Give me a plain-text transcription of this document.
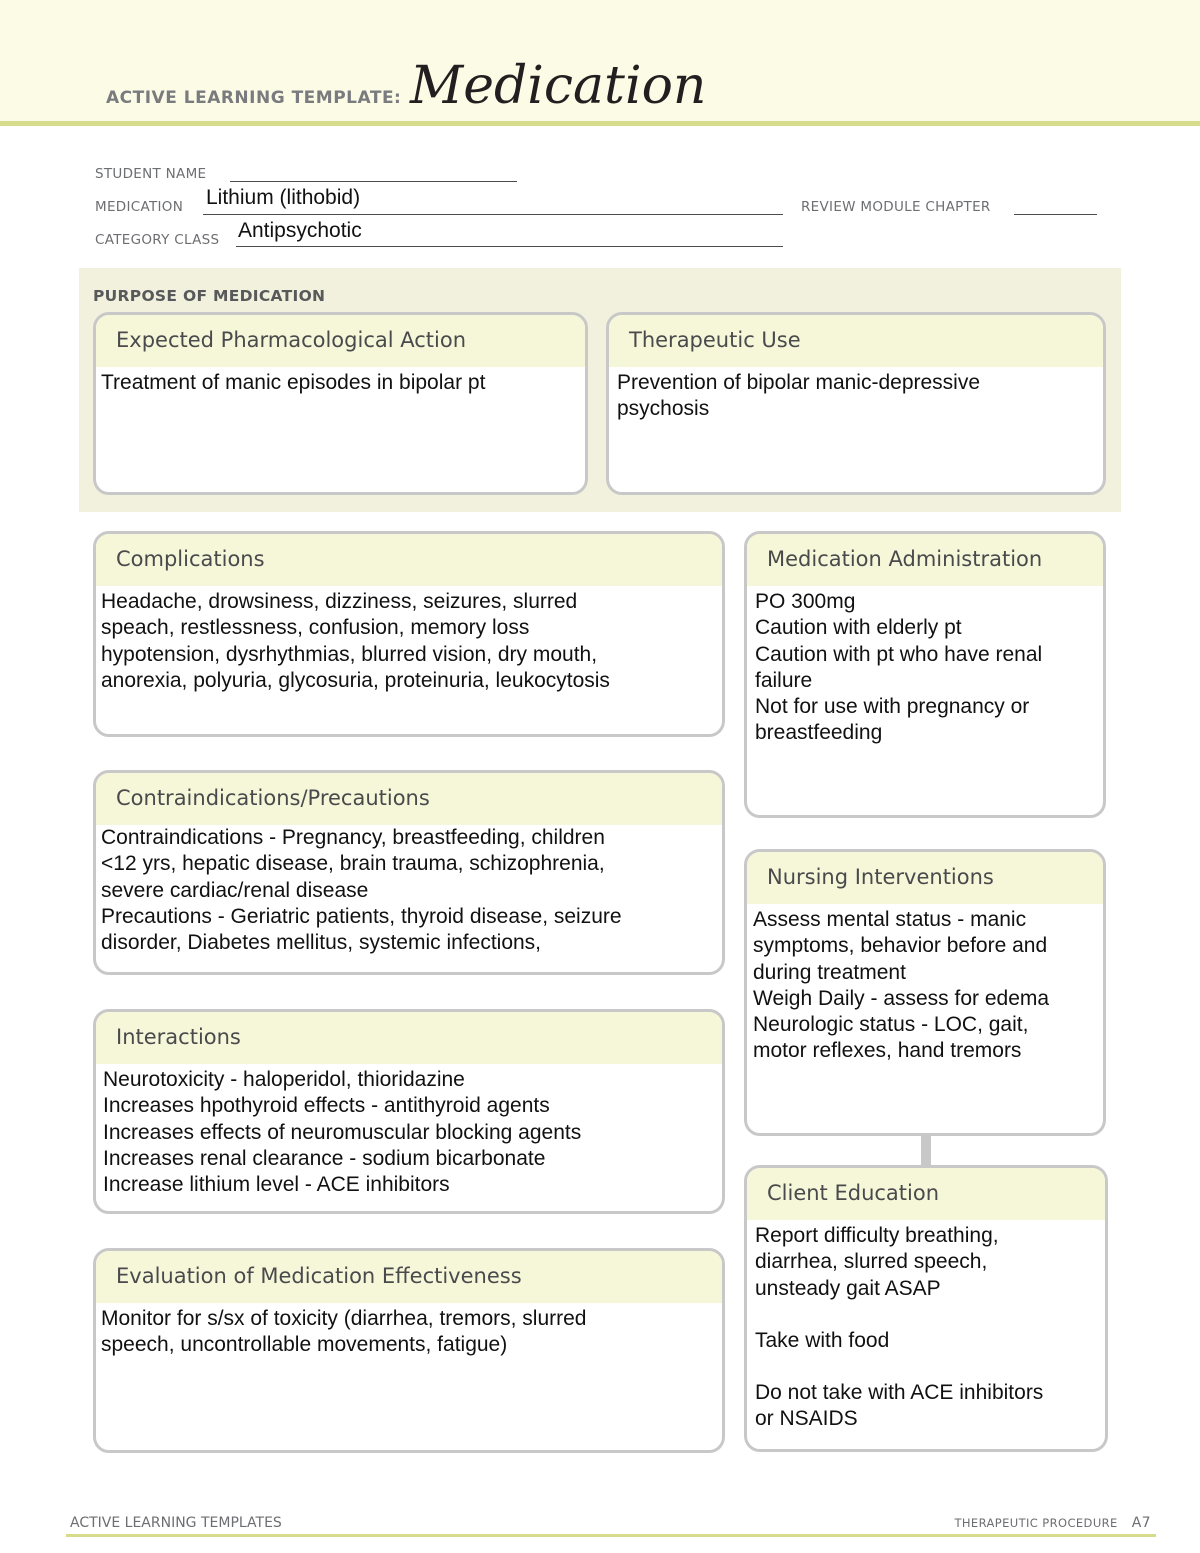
ACTIVE LEARNING TEMPLATE: Medication
STUDENT NAME
MEDICATION Lithium (lithobid)	REVIEW MODULE CHAPTER
CATEGORY CLASS Antipsychotic
PURPOSE OF MEDICATION
Expected Pharmacological Action
Treatment of manic episodes in bipolar pt
Therapeutic Use
Prevention of bipolar manic-depressive
psychosis
Complications
Headache, drowsiness, dizziness, seizures, slurred
speach, restlessness, confusion, memory loss
hypotension, dysrhythmias, blurred vision, dry mouth,
anorexia, polyuria, glycosuria, proteinuria, leukocytosis
Medication Administration
PO 300mg
Caution with elderly pt
Caution with pt who have renal
failure
Not for use with pregnancy or
breastfeeding
Contraindications/Precautions
Contraindications - Pregnancy, breastfeeding, children
<12 yrs, hepatic disease, brain trauma, schizophrenia,
severe cardiac/renal disease
Precautions - Geriatric patients, thyroid disease, seizure
disorder, Diabetes mellitus, systemic infections,
Nursing Interventions
Assess mental status - manic
symptoms, behavior before and
during treatment
Weigh Daily - assess for edema
Neurologic status - LOC, gait,
motor reflexes, hand tremors
Interactions
Neurotoxicity - haloperidol, thioridazine
Increases hpothyroid effects - antithyroid agents
Increases effects of neuromuscular blocking agents
Increases renal clearance - sodium bicarbonate
Increase lithium level - ACE inhibitors	Client Education
Report difficulty breathing,
diarrhea, slurred speech,
unsteady gait ASAP
Take with food
Do not take with ACE inhibitors
or NSAIDS
Evaluation of Medication Effectiveness
Monitor for s/sx of toxicity (diarrhea, tremors, slurred
speech, uncontrollable movements, fatigue)
ACTIVE LEARNING TEMPLATES	THERAPEUTIC PROCEDURE A7
